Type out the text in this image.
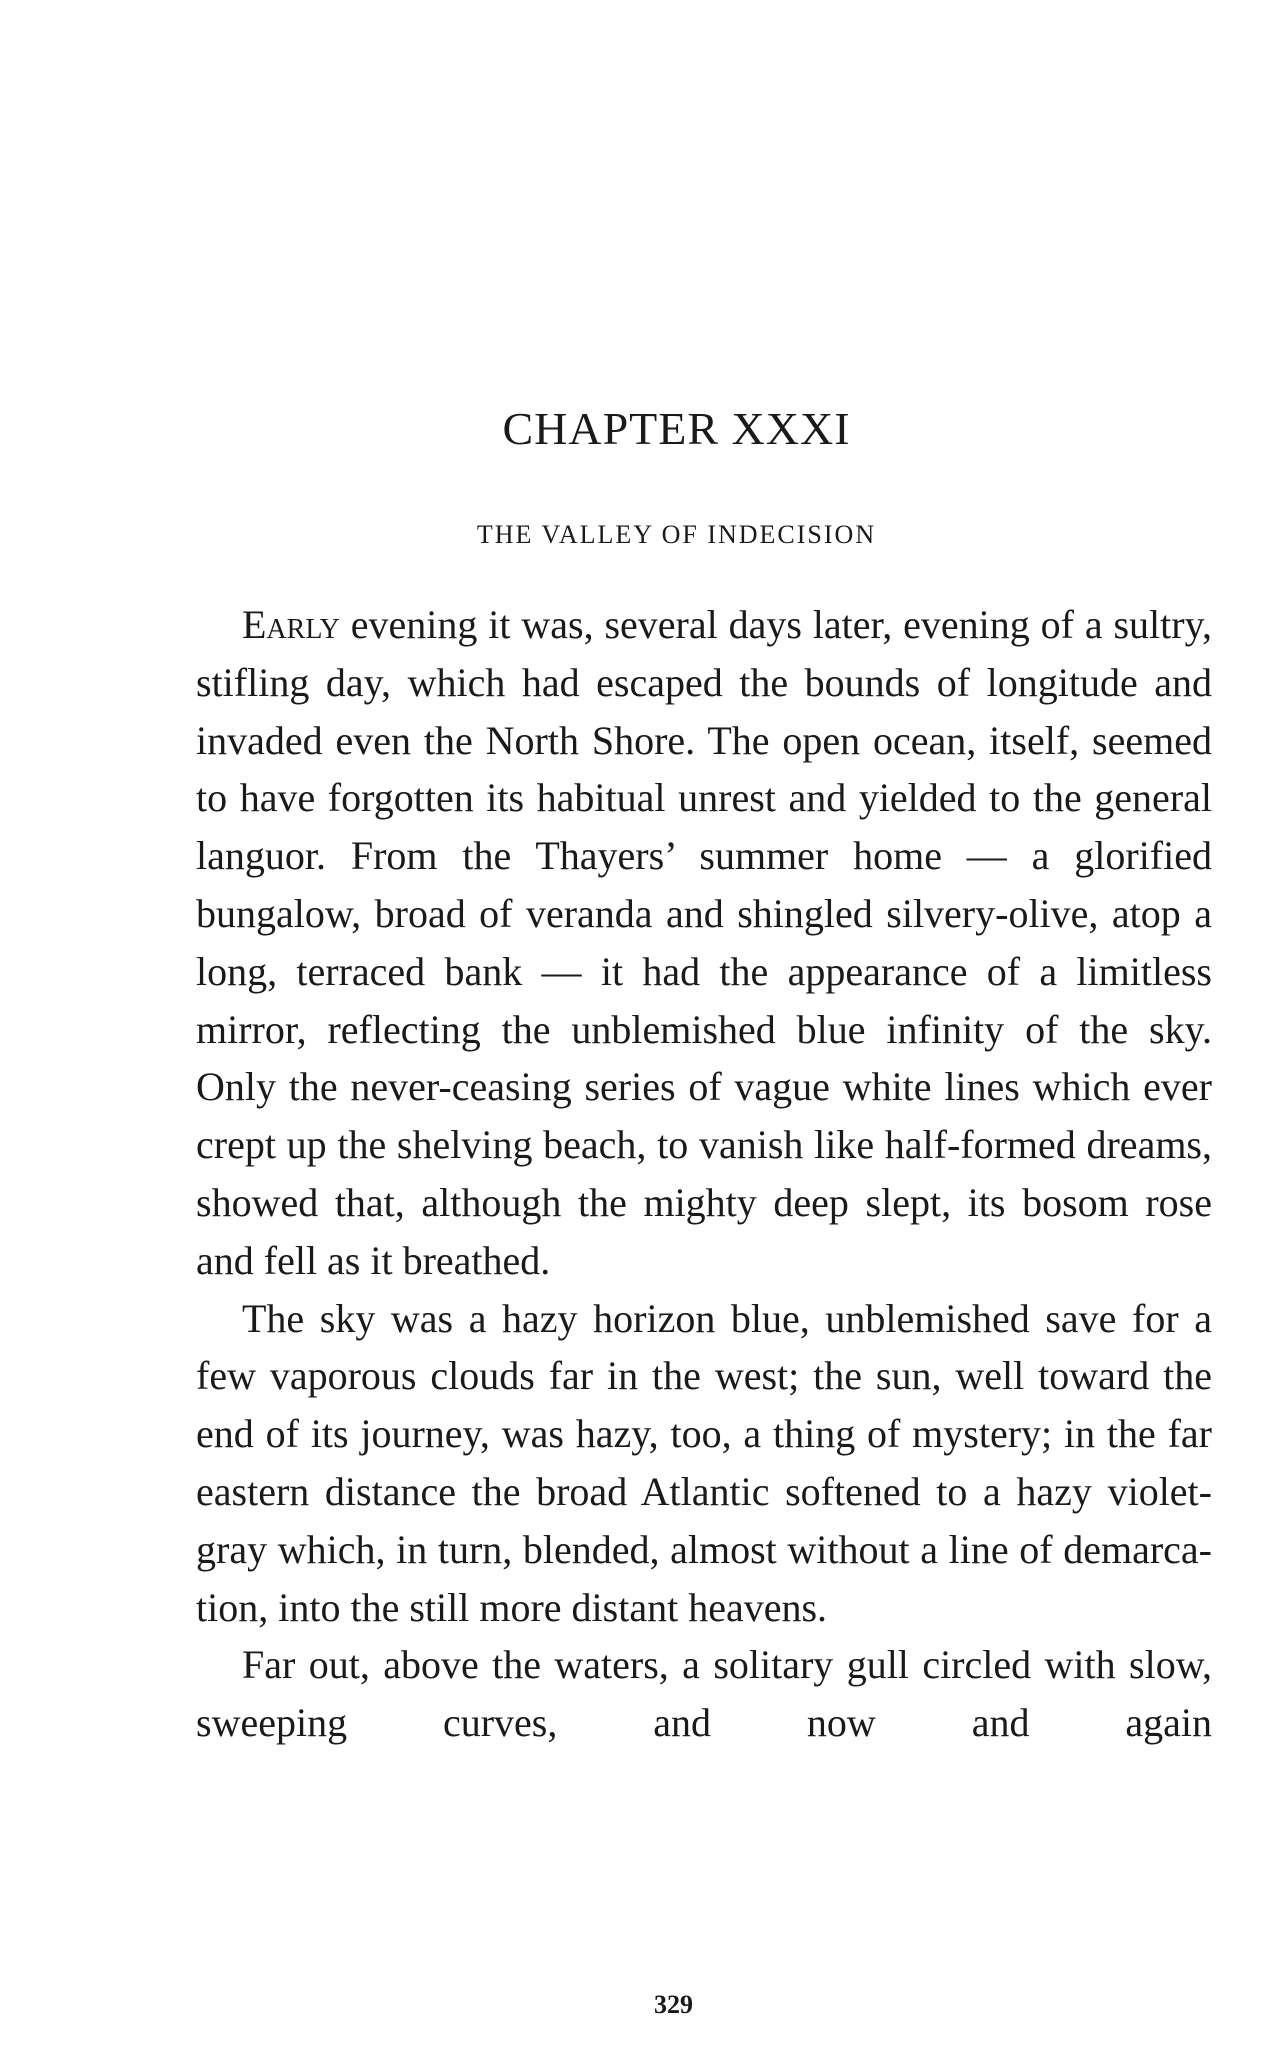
CHAPTER XXXI
THE VALLEY OF INDECISION

Early evening it was, several days later, evening of a sultry, stifling day, which had escaped the bounds of longitude and invaded even the North Shore. The open ocean, itself, seemed to have forgotten its habitual unrest and yielded to the general languor. From the Thayers’ summer home — a glorified bungalow, broad of veranda and shingled silvery-olive, atop a long, terraced bank — it had the appearance of a limitless mirror, reflecting the unblemished blue infinity of the sky. Only the never-ceasing series of vague white lines which ever crept up the shelving beach, to vanish like half-formed dreams, showed that, although the mighty deep slept, its bosom rose and fell as it breathed.

The sky was a hazy horizon blue, unblemished save for a few vaporous clouds far in the west; the sun, well toward the end of its journey, was hazy, too, a thing of mystery; in the far eastern distance the broad Atlantic softened to a hazy violet-gray which, in turn, blended, almost without a line of demarcation, into the still more distant heavens.

Far out, above the waters, a solitary gull circled with slow, sweeping curves, and now and again

329
